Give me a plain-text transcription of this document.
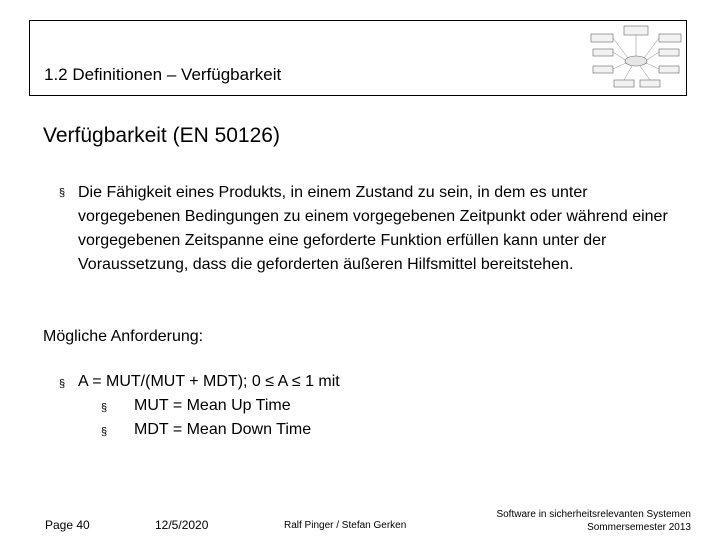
1.2 Definitionen – Verfügbarkeit
Verfügbarkeit (EN 50126)
§ Die Fähigkeit eines Produkts, in einem Zustand zu sein, in dem es unter vorgegebenen Bedingungen zu einem vorgegebenen Zeitpunkt oder während einer vorgegebenen Zeitspanne eine geforderte Funktion erfüllen kann unter der Voraussetzung, dass die geforderten äußeren Hilfsmittel bereitstehen.
Mögliche Anforderung:
§ A = MUT/(MUT + MDT); 0 ≤ A ≤ 1 mit
§ MUT = Mean Up Time
§ MDT = Mean Down Time
Page 40	12/5/2020	Ralf Pinger / Stefan Gerken
Software in sicherheitsrelevanten Systemen
Sommersemester 2013
